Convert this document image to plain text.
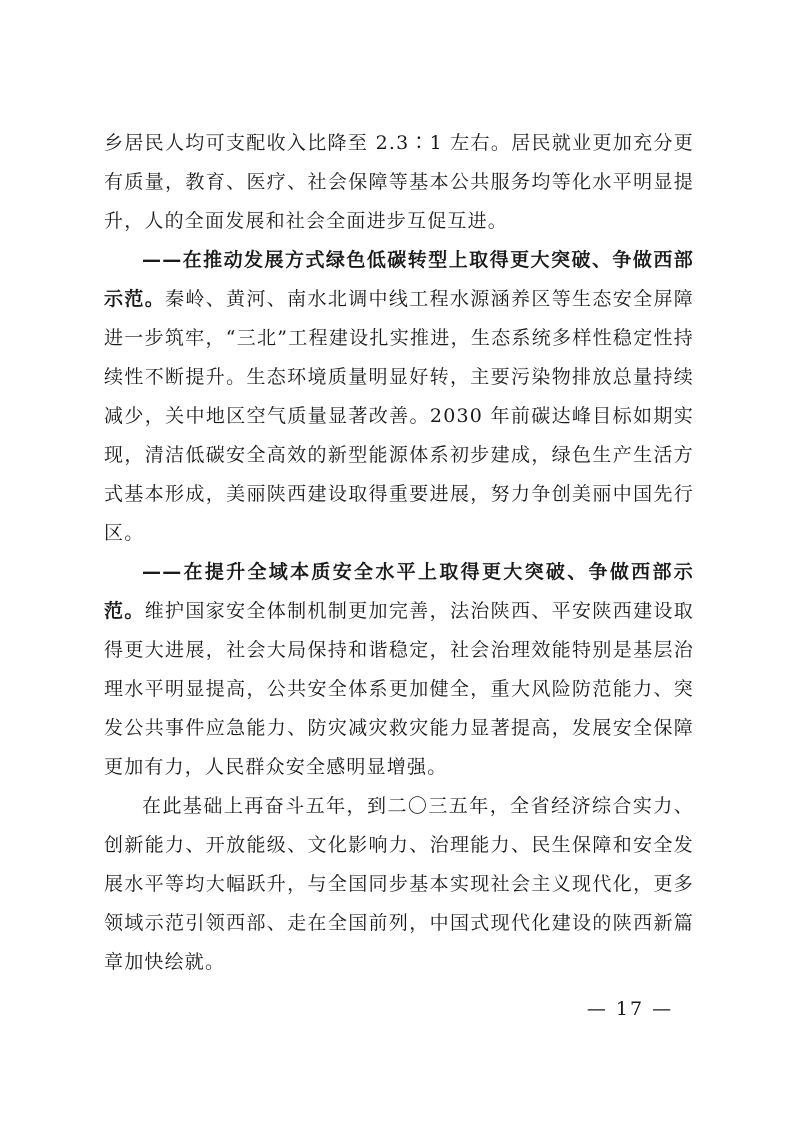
乡居民人均可支配收入比降至 2.3∶1 左右。居民就业更加充分更有质量，教育、医疗、社会保障等基本公共服务均等化水平明显提升，人的全面发展和社会全面进步互促互进。

——在推动发展方式绿色低碳转型上取得更大突破、争做西部示范。秦岭、黄河、南水北调中线工程水源涵养区等生态安全屏障进一步筑牢，“三北”工程建设扎实推进，生态系统多样性稳定性持续性不断提升。生态环境质量明显好转，主要污染物排放总量持续减少，关中地区空气质量显著改善。2030 年前碳达峰目标如期实现，清洁低碳安全高效的新型能源体系初步建成，绿色生产生活方式基本形成，美丽陕西建设取得重要进展，努力争创美丽中国先行区。

——在提升全域本质安全水平上取得更大突破、争做西部示范。维护国家安全体制机制更加完善，法治陕西、平安陕西建设取得更大进展，社会大局保持和谐稳定，社会治理效能特别是基层治理水平明显提高，公共安全体系更加健全，重大风险防范能力、突发公共事件应急能力、防灾减灾救灾能力显著提高，发展安全保障更加有力，人民群众安全感明显增强。

在此基础上再奋斗五年，到二〇三五年，全省经济综合实力、创新能力、开放能级、文化影响力、治理能力、民生保障和安全发展水平等均大幅跃升，与全国同步基本实现社会主义现代化，更多领域示范引领西部、走在全国前列，中国式现代化建设的陕西新篇章加快绘就。

— 17 —
